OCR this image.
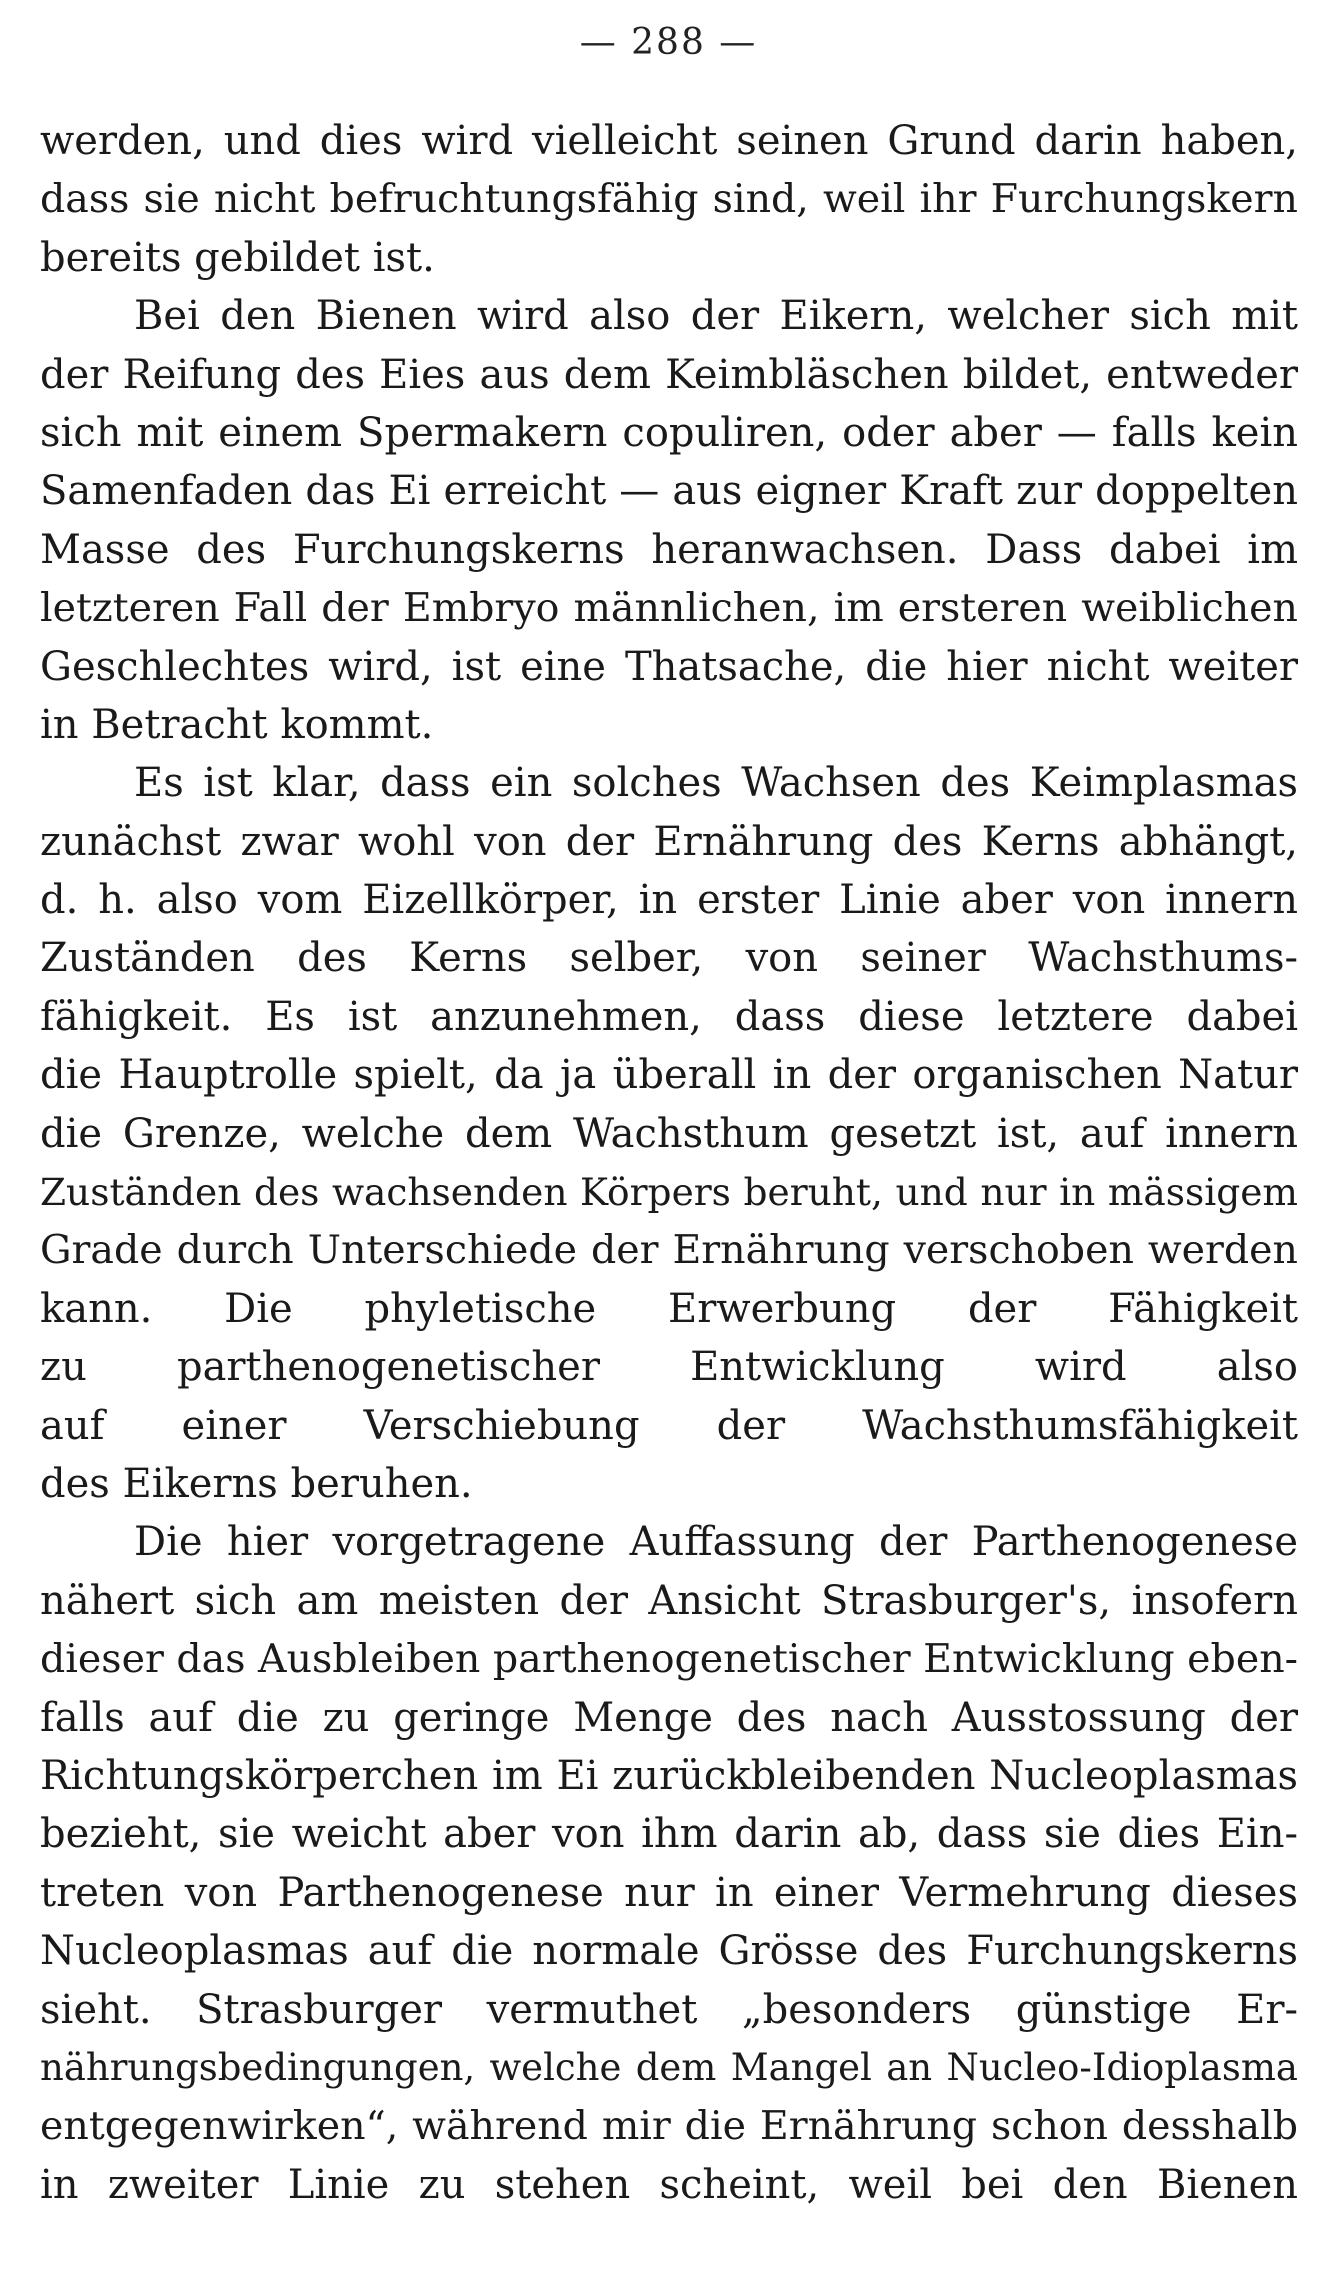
— 288 —
werden, und dies wird vielleicht seinen Grund darin haben,
dass sie nicht befruchtungsfähig sind, weil ihr Furchungskern
bereits gebildet ist.
Bei den Bienen wird also der Eikern, welcher sich mit
der Reifung des Eies aus dem Keimbläschen bildet, entweder
sich mit einem Spermakern copuliren, oder aber — falls kein
Samenfaden das Ei erreicht — aus eigner Kraft zur doppelten
Masse des Furchungskerns heranwachsen. Dass dabei im
letzteren Fall der Embryo männlichen, im ersteren weiblichen
Geschlechtes wird, ist eine Thatsache, die hier nicht weiter
in Betracht kommt.
Es ist klar, dass ein solches Wachsen des Keimplasmas
zunächst zwar wohl von der Ernährung des Kerns abhängt,
d. h. also vom Eizellkörper, in erster Linie aber von innern
Zuständen des Kerns selber, von seiner Wachsthums-
fähigkeit. Es ist anzunehmen, dass diese letztere dabei
die Hauptrolle spielt, da ja überall in der organischen Natur
die Grenze, welche dem Wachsthum gesetzt ist, auf innern
Zuständen des wachsenden Körpers beruht, und nur in mässigem
Grade durch Unterschiede der Ernährung verschoben werden
kann. Die phyletische Erwerbung der Fähigkeit
zu parthenogenetischer Entwicklung wird also
auf einer Verschiebung der Wachsthumsfähigkeit
des Eikerns beruhen.
Die hier vorgetragene Auffassung der Parthenogenese
nähert sich am meisten der Ansicht Strasburger's, insofern
dieser das Ausbleiben parthenogenetischer Entwicklung eben-
falls auf die zu geringe Menge des nach Ausstossung der
Richtungskörperchen im Ei zurückbleibenden Nucleoplasmas
bezieht, sie weicht aber von ihm darin ab, dass sie dies Ein-
treten von Parthenogenese nur in einer Vermehrung dieses
Nucleoplasmas auf die normale Grösse des Furchungskerns
sieht. Strasburger vermuthet „besonders günstige Er-
nährungsbedingungen, welche dem Mangel an Nucleo-Idioplasma
entgegenwirken“, während mir die Ernährung schon desshalb
in zweiter Linie zu stehen scheint, weil bei den Bienen
